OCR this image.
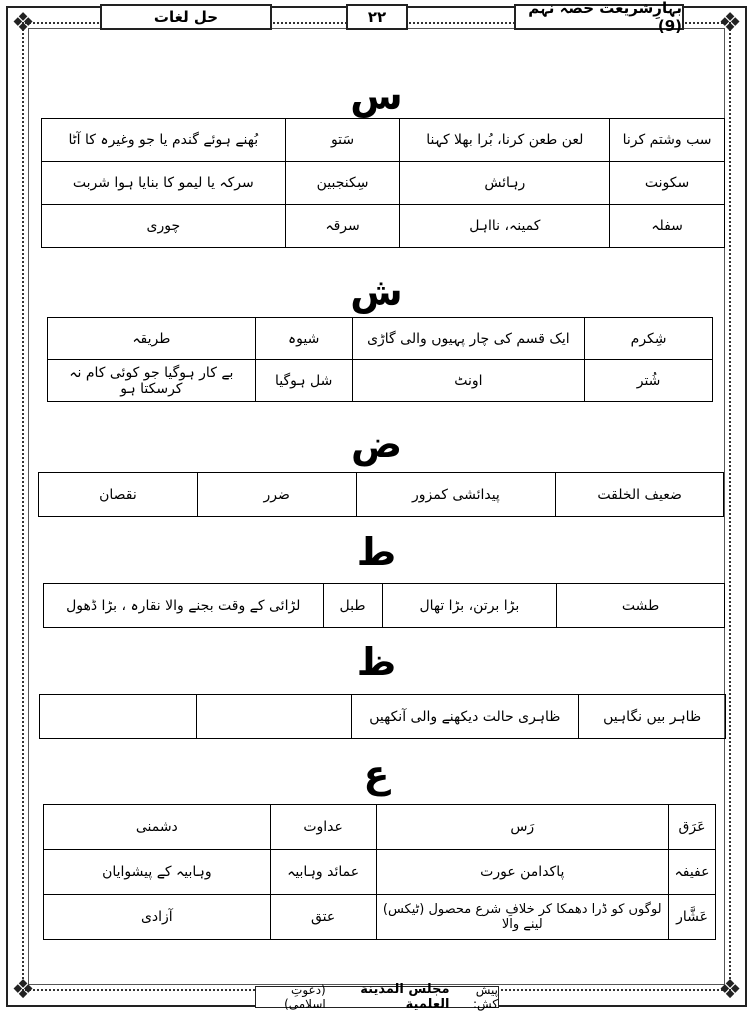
❖	❖
❖	❖
حل لغات	۲۲	بہارِشریعت حصہ نہم (9)
س
سب وشتم کرنا	لعن طعن کرنا، بُرا بھلا کہنا	سَتو	بُھنے ہوئے گندم یا جو وغیرہ کا آٹا
سکونت	رہائش	سِکنجبین	سرکہ یا لیمو کا بنایا ہوا شربت
سفلہ	کمینہ، نااہل	سرقہ	چوری
ش
شِکرم	ایک قسم کی چار پہیوں والی گاڑی	شیوہ	طریقہ
شُتر	اونٹ	شل ہوگیا	بے کار ہوگیا جو کوئی کام نہ کرسکتا ہو
ض
ضعیف الخلقت	پیدائشی کمزور	ضرر	نقصان
ط
طشت	بڑا برتن، بڑا تھال	طبل	لڑائی کے وقت بجنے والا نقارہ ، بڑا ڈھول
ظ
ظاہر بیں نگاہیں	ظاہری حالت دیکھنے والی آنکھیں		
ع
عَرَق	رَس	عداوت	دشمنی
عفیفہ	پاکدامن عورت	عمائد وہابیہ	وہابیہ کے پیشوایان
عَشَّار	لوگوں کو ڈرا دھمکا کر خلافِ شرع محصول (ٹیکس) لینے والا	عتق	آزادی
پیش کش:
مجلس المدینة العلمیة
(دعوتِ اسلامی)
